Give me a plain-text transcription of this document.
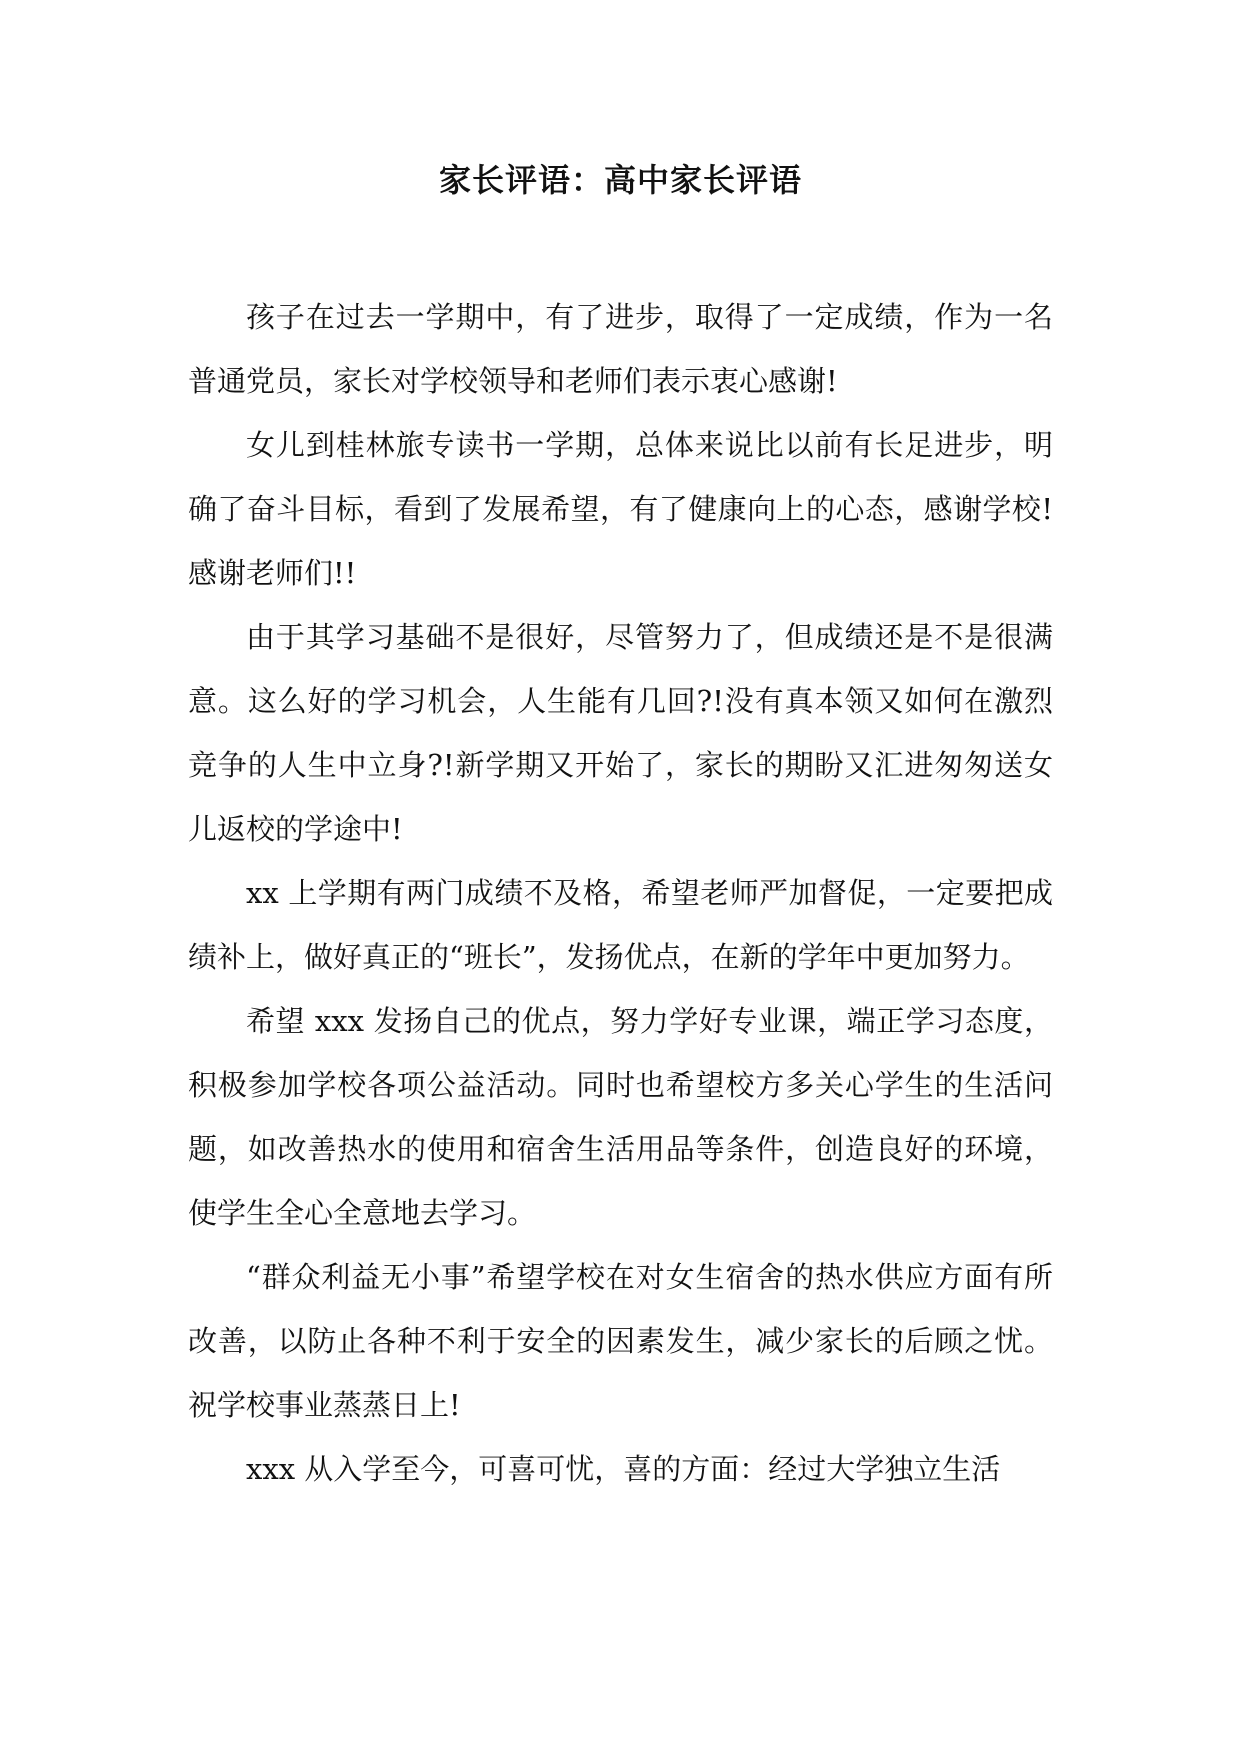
家长评语：高中家长评语

孩子在过去一学期中，有了进步，取得了一定成绩，作为一名普通党员，家长对学校领导和老师们表示衷心感谢!

女儿到桂林旅专读书一学期，总体来说比以前有长足进步，明确了奋斗目标，看到了发展希望，有了健康向上的心态，感谢学校!感谢老师们!!

由于其学习基础不是很好，尽管努力了，但成绩还是不是很满意。这么好的学习机会，人生能有几回?!没有真本领又如何在激烈竞争的人生中立身?!新学期又开始了，家长的期盼又汇进匆匆送女儿返校的学途中!

xx 上学期有两门成绩不及格，希望老师严加督促，一定要把成绩补上，做好真正的“班长”，发扬优点，在新的学年中更加努力。

希望 xxx 发扬自己的优点，努力学好专业课，端正学习态度，积极参加学校各项公益活动。同时也希望校方多关心学生的生活问题，如改善热水的使用和宿舍生活用品等条件，创造良好的环境，使学生全心全意地去学习。

“群众利益无小事”希望学校在对女生宿舍的热水供应方面有所改善，以防止各种不利于安全的因素发生，减少家长的后顾之忧。祝学校事业蒸蒸日上!

xxx 从入学至今，可喜可忧，喜的方面：经过大学独立生活
